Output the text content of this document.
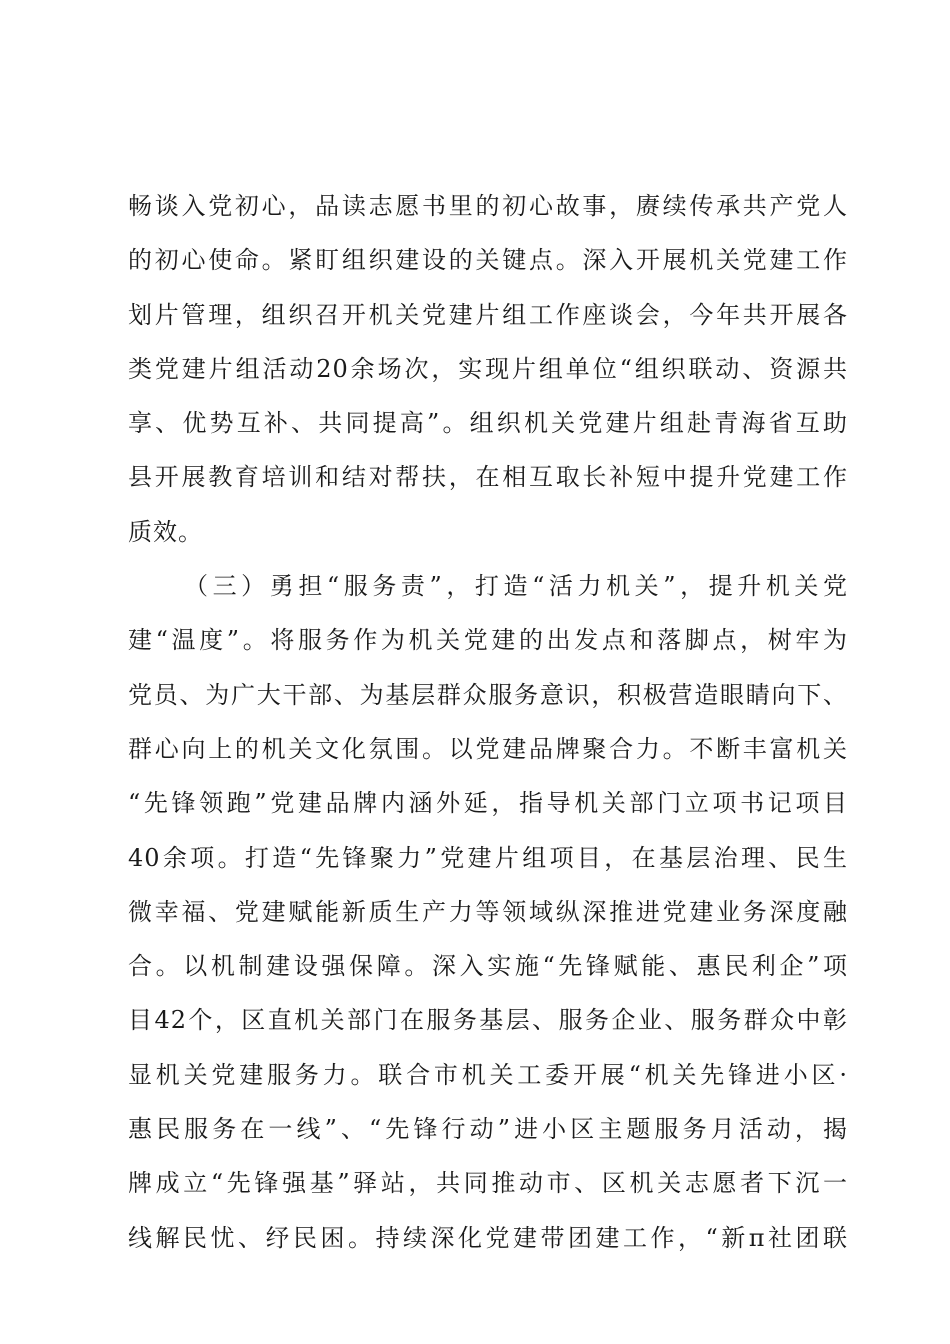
畅谈入党初心，品读志愿书里的初心故事，赓续传承共产党人
的初心使命。紧盯组织建设的关键点。深入开展机关党建工作
划片管理，组织召开机关党建片组工作座谈会，今年共开展各
类党建片组活动20余场次，实现片组单位“组织联动、资源共
享、优势互补、共同提高”。组织机关党建片组赴青海省互助
县开展教育培训和结对帮扶，在相互取长补短中提升党建工作
质效。
（三）勇担“服务责”，打造“活力机关”，提升机关党
建“温度”。将服务作为机关党建的出发点和落脚点，树牢为
党员、为广大干部、为基层群众服务意识，积极营造眼睛向下、
群心向上的机关文化氛围。以党建品牌聚合力。不断丰富机关
“先锋领跑”党建品牌内涵外延，指导机关部门立项书记项目
40余项。打造“先锋聚力”党建片组项目，在基层治理、民生
微幸福、党建赋能新质生产力等领域纵深推进党建业务深度融
合。以机制建设强保障。深入实施“先锋赋能、惠民利企”项
目42个，区直机关部门在服务基层、服务企业、服务群众中彰
显机关党建服务力。联合市机关工委开展“机关先锋进小区·
惠民服务在一线”、“先锋行动”进小区主题服务月活动，揭
牌成立“先锋强基”驿站，共同推动市、区机关志愿者下沉一
线解民忧、纾民困。持续深化党建带团建工作，“新π社团联
